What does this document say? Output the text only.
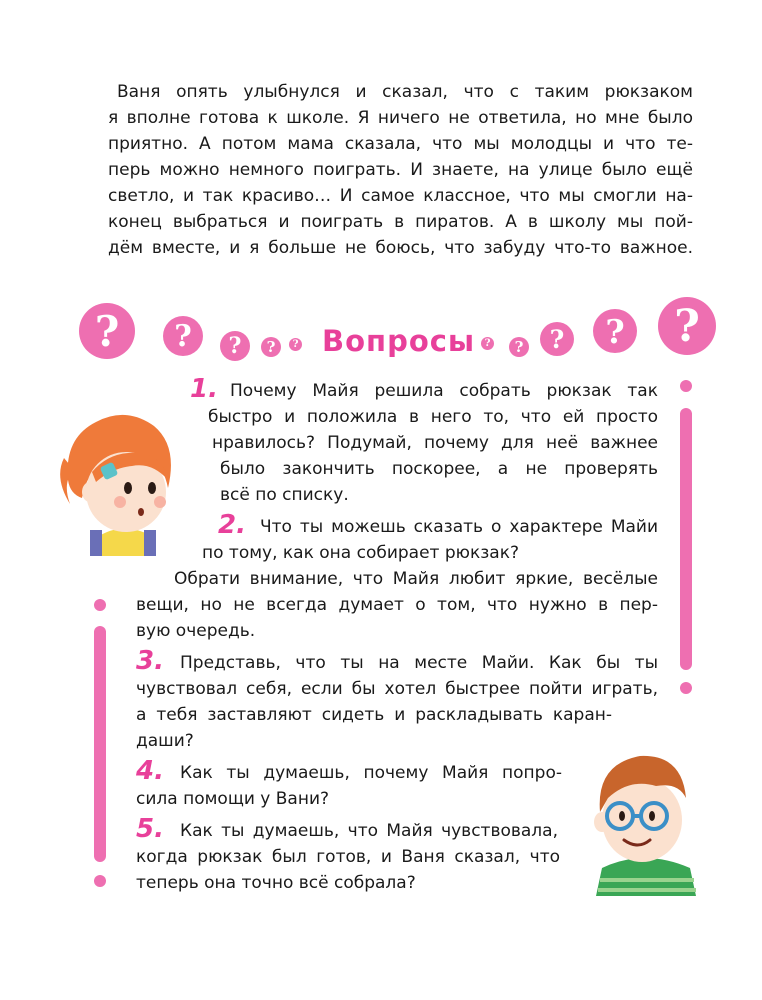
Ваня опять улыбнулся и сказал, что с таким рюкзаком
я вполне готова к школе. Я ничего не ответила, но мне было
приятно. А потом мама сказала, что мы молодцы и что те-
перь можно немного поиграть. И знаете, на улице было ещё
светло, и так красиво… И самое классное, что мы смогли на-
конец выбраться и поиграть в пиратов. А в школу мы пой-
дём вместе, и я больше не боюсь, что забуду что-то важное.
?	?	?	?	? Вопросы ?	?	?	?	?
1. Почему Майя решила собрать рюкзак так
быстро и положила в него то, что ей просто
нравилось? Подумай, почему для неё важнее
было закончить поскорее, а не проверять
всё по списку.
2. Что ты можешь сказать о характере Майи
по тому, как она собирает рюкзак?
Обрати внимание, что Майя любит яркие, весёлые
вещи, но не всегда думает о том, что нужно в пер-
вую очередь.
3. Представь, что ты на месте Майи. Как бы ты
чувствовал себя, если бы хотел быстрее пойти играть,
а тебя заставляют сидеть и раскладывать каран-
даши?
4. Как ты думаешь, почему Майя попро-
сила помощи у Вани?
5. Как ты думаешь, что Майя чувствовала,
когда рюкзак был готов, и Ваня сказал, что
теперь она точно всё собрала?
